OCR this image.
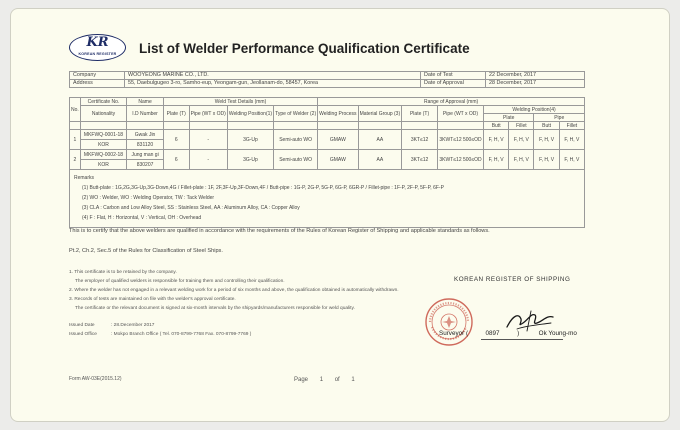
KR
KOREAN REGISTER	List of Welder Performance Qualification Certificate
Company	WOOYEONG MARINE CO., LTD.	Date of Test	22 December, 2017
Address	55, Daebulgugeo 3-ro, Samho-eup, Yeongam-gun, Jeollanam-do, 58457, Korea	Date of Approval	28 December, 2017
No.	Certificate No.	Name	Weld Test Details (mm)				Range of Approval (mm)							
	Nationality	I.D Number	Plate (T)	Pipe (WT x OD)	Welding Position(1)	Type of Welder (2)	Welding Process	Material Group (3)	Plate (T)	Pipe (WT x OD)	Welding Position(4)			
											Plate		Pipe	
											Butt	Fillet	Butt	Fillet
1	MKFWQ-0001-18	Gwak Jin	6	-	3G-Up	Semi-auto WO	GMAW	AA	3KT≤12	3KWT≤12 500≤OD	F, H, V	F, H, V	F, H, V	F, H, V
	KOR	831120												
2	MKFWQ-0002-18	Jung man gi	6	-	3G-Up	Semi-auto WO	GMAW	AA	3KT≤12	3KWT≤12 500≤OD	F, H, V	F, H, V	F, H, V	F, H, V
	KOR	830207												
Remarks
(1) Butt-plate : 1G,2G,3G-Up,3G-Down,4G / Fillet-plate : 1F, 2F,3F-Up,3F-Down,4F / Butt-pipe : 1G-P, 2G-P, 5G-P, 6G-P, 6GR-P / Fillet-pipe : 1F-P, 2F-P, 5F-P, 6F-P
(2) WO : Welder, WO : Welding Operator, TW : Tack Welder
(3) CLA : Carbon and Low Alloy Steel, SS : Stainless Steel, AA : Aluminum Alloy, CA : Copper Alloy
(4) F : Flat, H : Horizontal, V : Vertical, OH : Overhead														
This is to certify that the above welders are qualified in accordance with the requirements of the Rules of Korean Register of Shipping and applicable standards as follows.
Pt.2, Ch.2, Sec.5 of the Rules for Classification of Steel Ships.
1. This certificate is to be retained by the company.
The employer of qualified welders is responsible for training them and controlling their qualification.
2. Where the welder has not engaged in a relevant welding work for a period of six months and above, the qualification obtained is automatically withdrawn.
3. Records of tests are maintained on file with the welder's approval certificate.
The certificate or the relevant document is signed at six-month intervals by the shipyards/manufacturers responsible for weld quality.
Issued Date	: 28.December 2017
Issued Office	: Mokpo Branch Office ( Tel. 070-8799-7768 Fax. 070-8799-7769 )
KOREAN REGISTER OF SHIPPING
Surveyor (	0897	)	Ok Young-mo
Form AW-03E(2015.12)	Page 1 of 1
